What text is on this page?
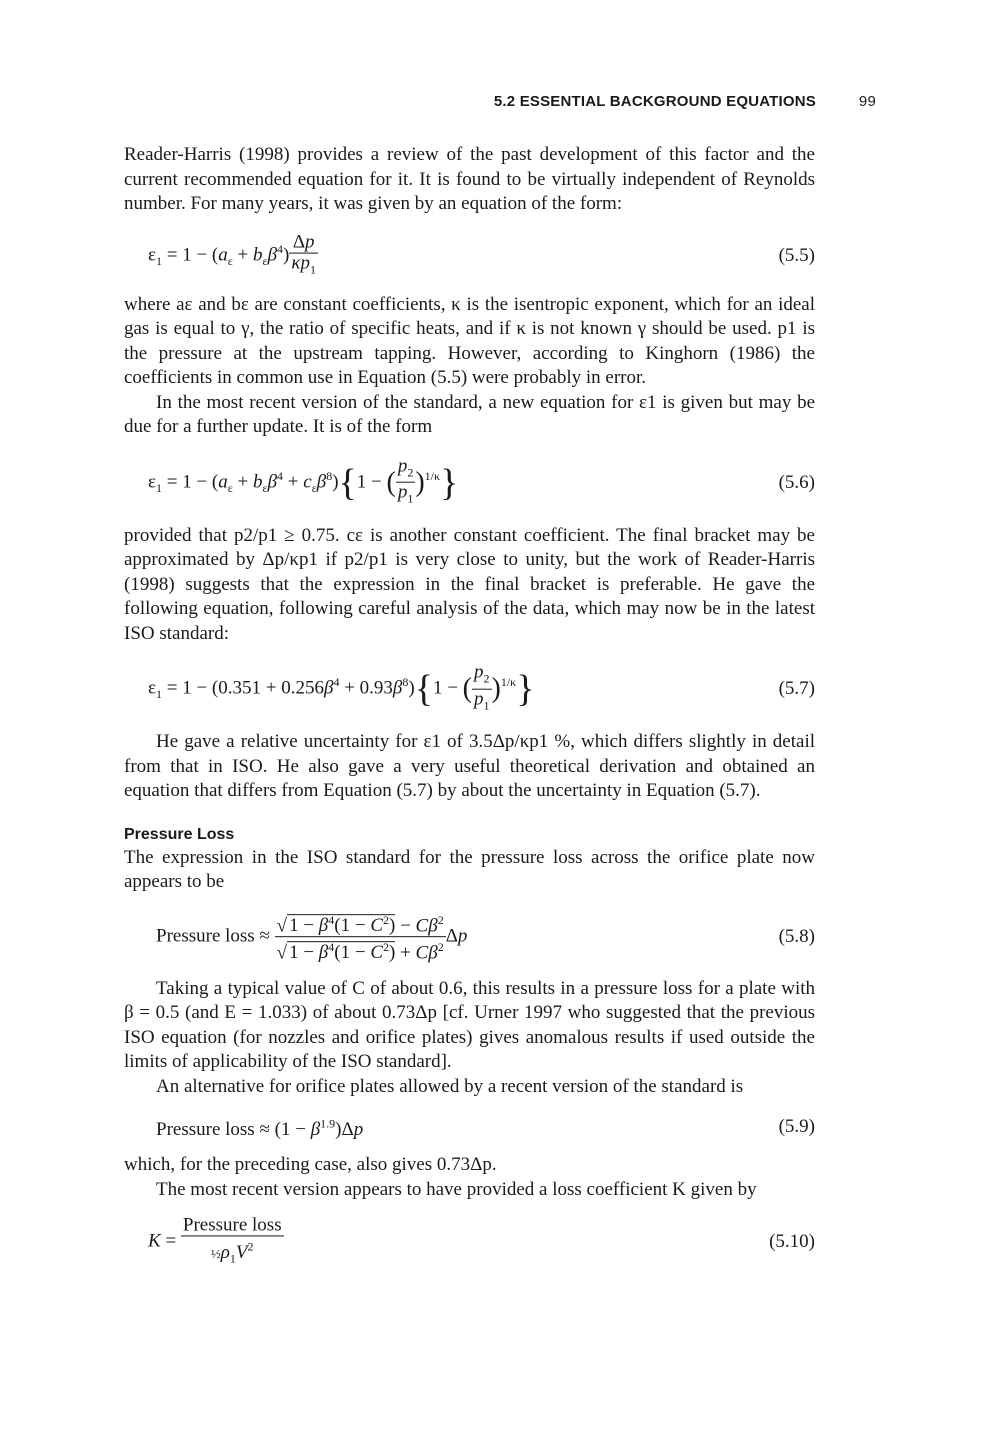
5.2 ESSENTIAL BACKGROUND EQUATIONS	99

Reader-Harris (1998) provides a review of the past development of this factor and the current recommended equation for it. It is found to be virtually independent of Reynolds number. For many years, it was given by an equation of the form:

$\varepsilon_1 = 1 - (a_\varepsilon + b_\varepsilon\beta^4) \frac{\Delta p}{\kappa p_1}$	(5.5)

where aε and bε are constant coefficients, κ is the isentropic exponent, which for an ideal gas is equal to γ, the ratio of specific heats, and if κ is not known γ should be used. p1 is the pressure at the upstream tapping. However, according to Kinghorn (1986) the coefficients in common use in Equation (5.5) were probably in error.

In the most recent version of the standard, a new equation for ε1 is given but may be due for a further update. It is of the form

$\varepsilon_1 = 1 - (a_\varepsilon + b_\varepsilon\beta^4 + c_\varepsilon\beta^8)\{1$ − ( $\frac{p_2}{p_1} )^{1/\kappa}$}	(5.6)

provided that p2/p1 ≥ 0.75. cε is another constant coefficient. The final bracket may be approximated by Δp/κp1 if p2/p1 is very close to unity, but the work of Reader-Harris (1998) suggests that the expression in the final bracket is preferable. He gave the following equation, following careful analysis of the data, which may now be in the latest ISO standard:

$\varepsilon_1 = 1 - (0.351 + 0.256\beta^4 + 0.93\beta^8)\{1$ − ( $\frac{p_2}{p_1} )^{1/\kappa}$}	(5.7)

He gave a relative uncertainty for ε1 of 3.5Δp/κp1 %, which differs slightly in detail from that in ISO. He also gave a very useful theoretical derivation and obtained an equation that differs from Equation (5.7) by about the uncertainty in Equation (5.7).

Pressure Loss

The expression in the ISO standard for the pressure loss across the orifice plate now appears to be

Pressure loss ≈ $\frac{√ 1 - \beta^4(1 - C^2) - C\beta^2}{√ 1 - \beta^4(1 - C^2) + C\beta^2}$ Δp	(5.8)

Taking a typical value of C of about 0.6, this results in a pressure loss for a plate with β = 0.5 (and E = 1.033) of about 0.73Δp [cf. Urner 1997 who suggested that the previous ISO equation (for nozzles and orifice plates) gives anomalous results if used outside the limits of applicability of the ISO standard].

An alternative for orifice plates allowed by a recent version of the standard is

Pressure loss ≈ $(1 - \beta^{1.9})\Delta p$	(5.9)

which, for the preceding case, also gives 0.73Δp.

The most recent version appears to have provided a loss coefficient K given by

$K = \frac{\text{Pressure loss}}{\frac{1}{2}\rho_1V^2}$	(5.10)
